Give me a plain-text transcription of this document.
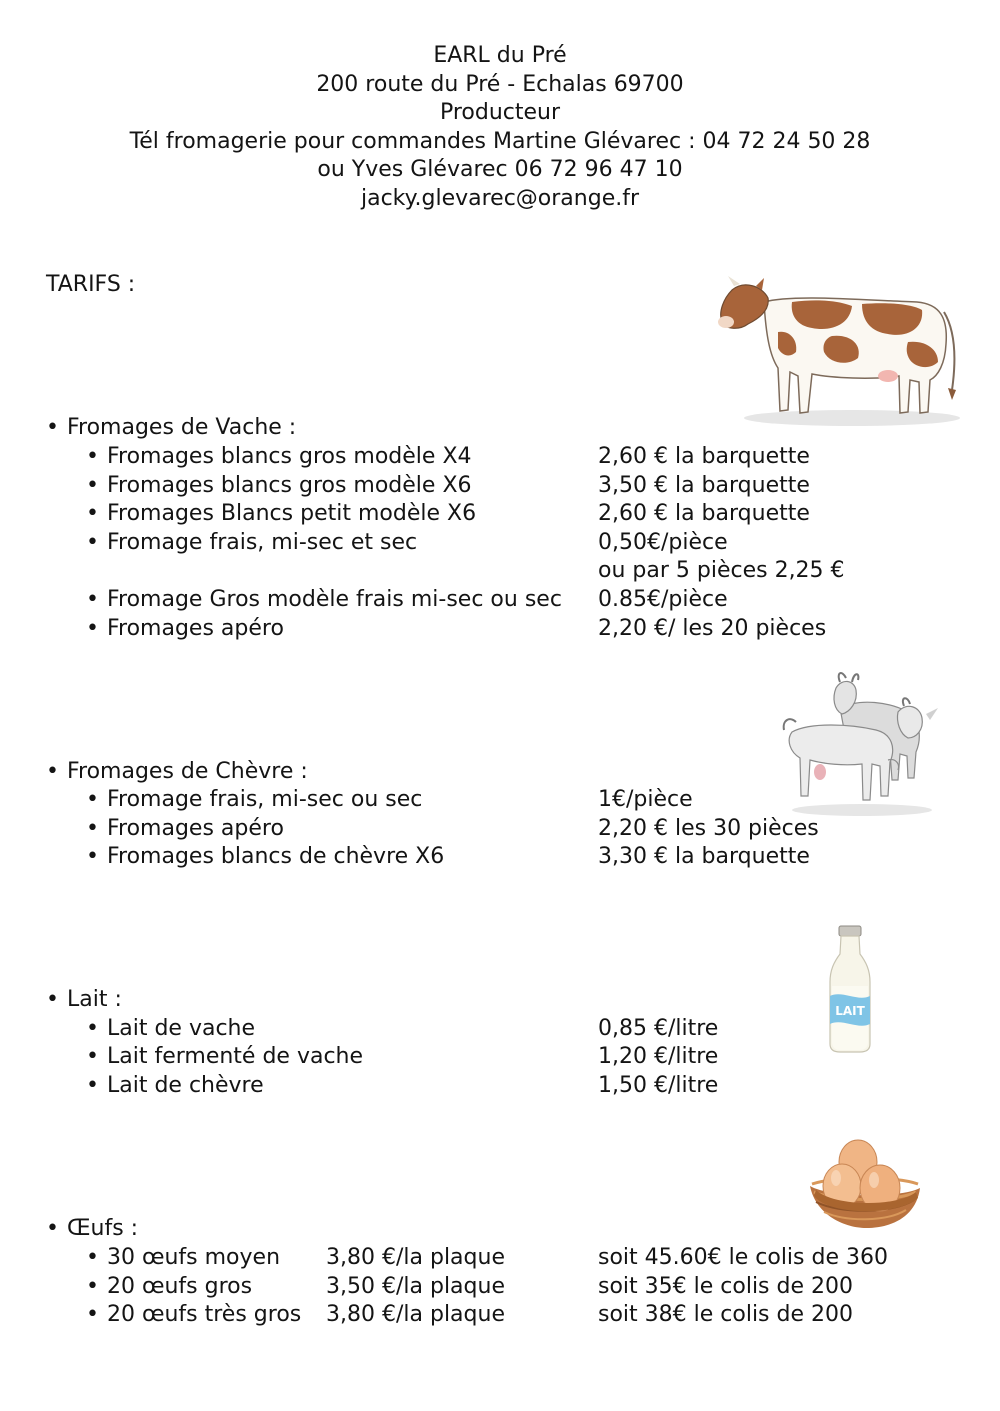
EARL du Pré
200 route du Pré - Echalas 69700
Producteur
Tél fromagerie pour commandes Martine Glévarec : 04 72 24 50 28
ou Yves Glévarec 06 72 96 47 10
jacky.glevarec@orange.fr
TARIFS :
• Fromages de Vache :
• Fromages blancs gros modèle X4	2,60 € la barquette
• Fromages blancs gros modèle X6	3,50 € la barquette
• Fromages Blancs petit modèle X6	2,60 € la barquette
• Fromage frais, mi-sec et sec	0,50€/pièce
ou par 5 pièces 2,25 €
• Fromage Gros modèle frais mi-sec ou sec 0.85€/pièce
• Fromages apéro	2,20 €/ les 20 pièces
• Fromages de Chèvre :
• Fromage frais, mi-sec ou sec	1€/pièce
• Fromages apéro	2,20 € les 30 pièces
• Fromages blancs de chèvre X6	3,30 € la barquette
LAIT
• Lait :
• Lait de vache	0,85 €/litre
• Lait fermenté de vache	1,20 €/litre
• Lait de chèvre	1,50 €/litre
• Œufs :
• 30 œufs moyen 3,80 €/la plaque	soit 45.60€ le colis de 360
• 20 œufs gros	3,50 €/la plaque	soit 35€ le colis de 200
• 20 œufs très gros 3,80 €/la plaque	soit 38€ le colis de 200
